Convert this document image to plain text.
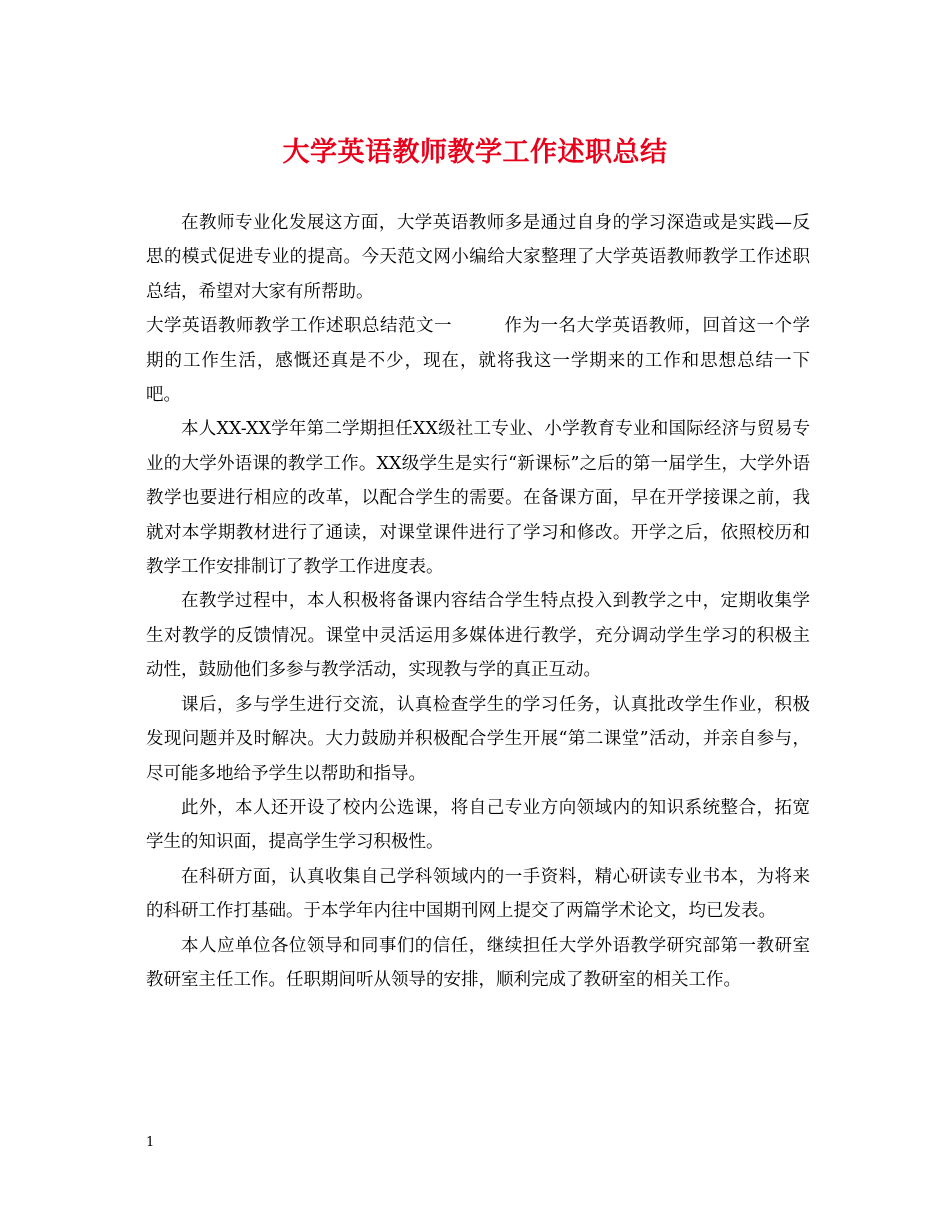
大学英语教师教学工作述职总结

在教师专业化发展这方面，大学英语教师多是通过自身的学习深造或是实践—反思的模式促进专业的提高。今天范文网小编给大家整理了大学英语教师教学工作述职总结，希望对大家有所帮助。

大学英语教师教学工作述职总结范文一	作为一名大学英语教师，回首这一个学期的工作生活，感慨还真是不少，现在，就将我这一学期来的工作和思想总结一下吧。

本人XX-XX学年第二学期担任XX级社工专业、小学教育专业和国际经济与贸易专业的大学外语课的教学工作。XX级学生是实行“新课标”之后的第一届学生，大学外语教学也要进行相应的改革，以配合学生的需要。在备课方面，早在开学接课之前，我就对本学期教材进行了通读，对课堂课件进行了学习和修改。开学之后，依照校历和教学工作安排制订了教学工作进度表。

在教学过程中，本人积极将备课内容结合学生特点投入到教学之中，定期收集学生对教学的反馈情况。课堂中灵活运用多媒体进行教学，充分调动学生学习的积极主动性，鼓励他们多参与教学活动，实现教与学的真正互动。

课后，多与学生进行交流，认真检查学生的学习任务，认真批改学生作业，积极发现问题并及时解决。大力鼓励并积极配合学生开展“第二课堂”活动，并亲自参与，尽可能多地给予学生以帮助和指导。

此外，本人还开设了校内公选课，将自己专业方向领域内的知识系统整合，拓宽学生的知识面，提高学生学习积极性。

在科研方面，认真收集自己学科领域内的一手资料，精心研读专业书本，为将来的科研工作打基础。于本学年内往中国期刊网上提交了两篇学术论文，均已发表。

本人应单位各位领导和同事们的信任，继续担任大学外语教学研究部第一教研室教研室主任工作。任职期间听从领导的安排，顺利完成了教研室的相关工作。

1
